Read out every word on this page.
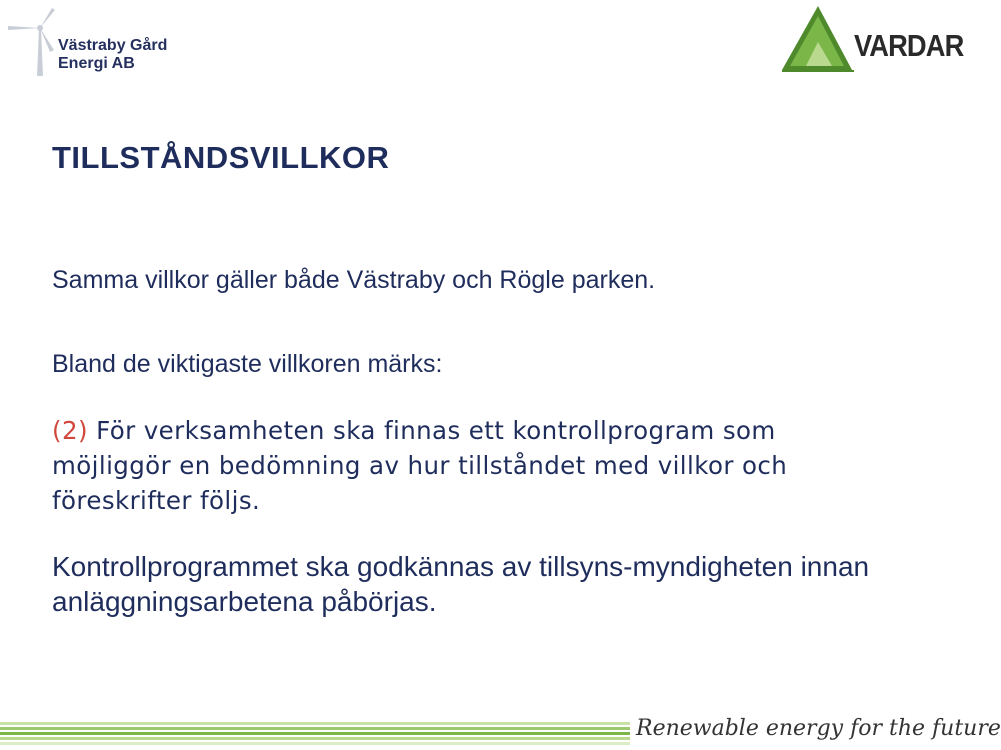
Västraby Gård
Energi AB
VARDAR
TILLSTÅNDSVILLKOR

Samma villkor gäller både Västraby och Rögle parken.

Bland de viktigaste villkoren märks:

(2) För verksamheten ska finnas ett kontrollprogram som möjliggör en bedömning av hur tillståndet med villkor och föreskrifter följs.

Kontrollprogrammet ska godkännas av tillsyns-myndigheten innan anläggningsarbetena påbörjas.

Renewable energy for the future
